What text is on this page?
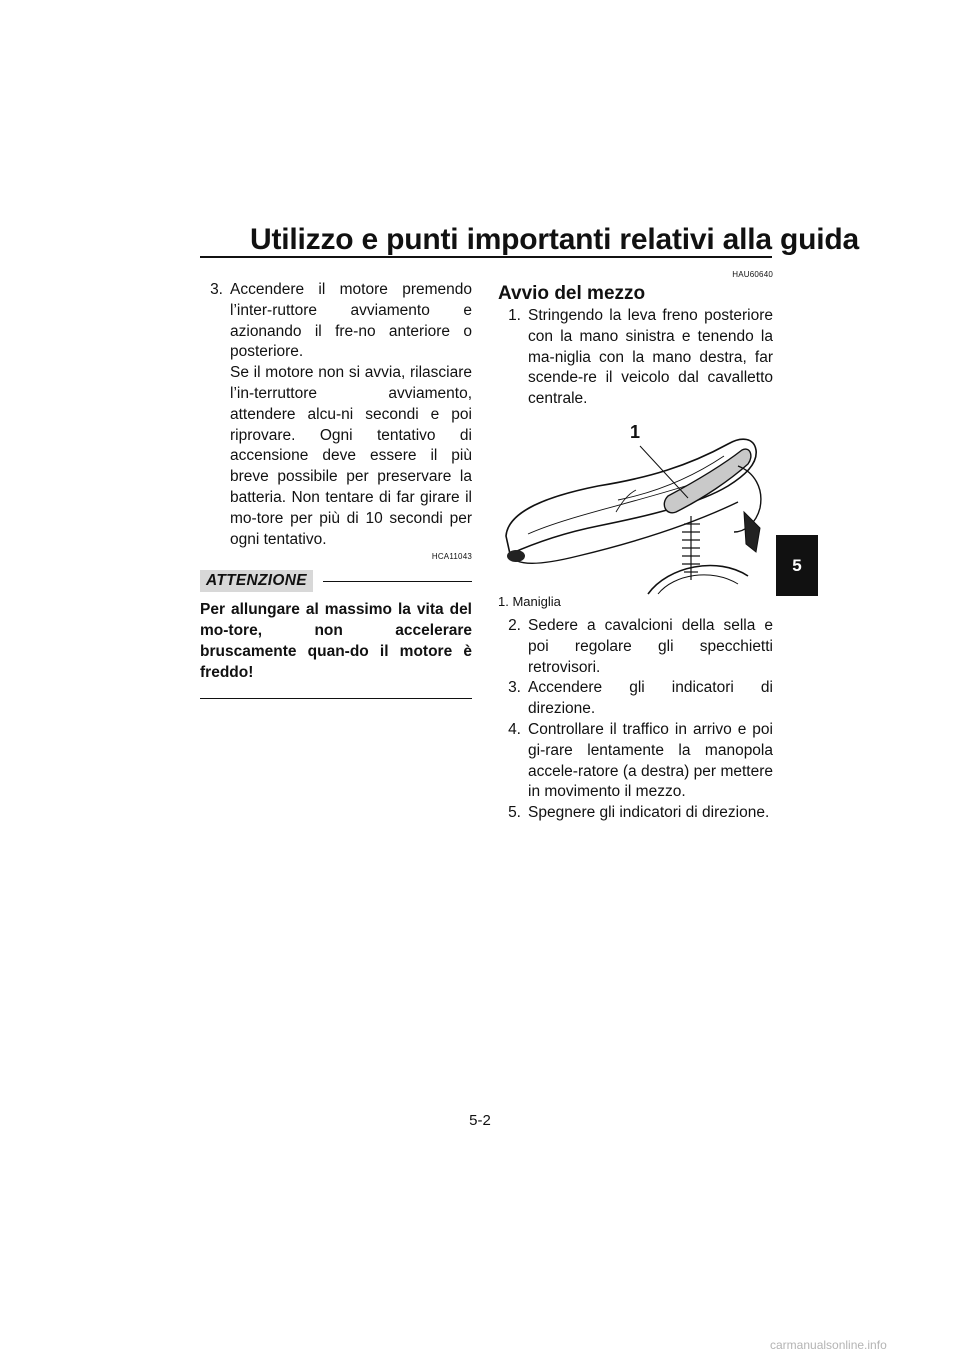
Utilizzo e punti importanti relativi alla guida
3. Accendere il motore premendo l’inter-ruttore avviamento e azionando il fre-no anteriore o posteriore.

Se il motore non si avvia, rilasciare l’in-terruttore avviamento, attendere alcu-ni secondi e poi riprovare. Ogni tentativo di accensione deve essere il più breve possibile per preservare la batteria. Non tentare di far girare il mo-tore per più di 10 secondi per ogni tentativo.

HCA11043
ATTENZIONE
Per allungare al massimo la vita del mo-tore, non accelerare bruscamente quan-do il motore è freddo!
HAU60640
Avvio del mezzo
1. Stringendo la leva freno posteriore con la mano sinistra e tenendo la ma-niglia con la mano destra, far scende-re il veicolo dal cavalletto centrale.
1
1. Maniglia
2. Sedere a cavalcioni della sella e poi regolare gli specchietti retrovisori.
3. Accendere gli indicatori di direzione.
4. Controllare il traffico in arrivo e poi gi-rare lentamente la manopola accele-ratore (a destra) per mettere in movimento il mezzo.
5. Spegnere gli indicatori di direzione.
5
5-2
carmanualsonline.info
